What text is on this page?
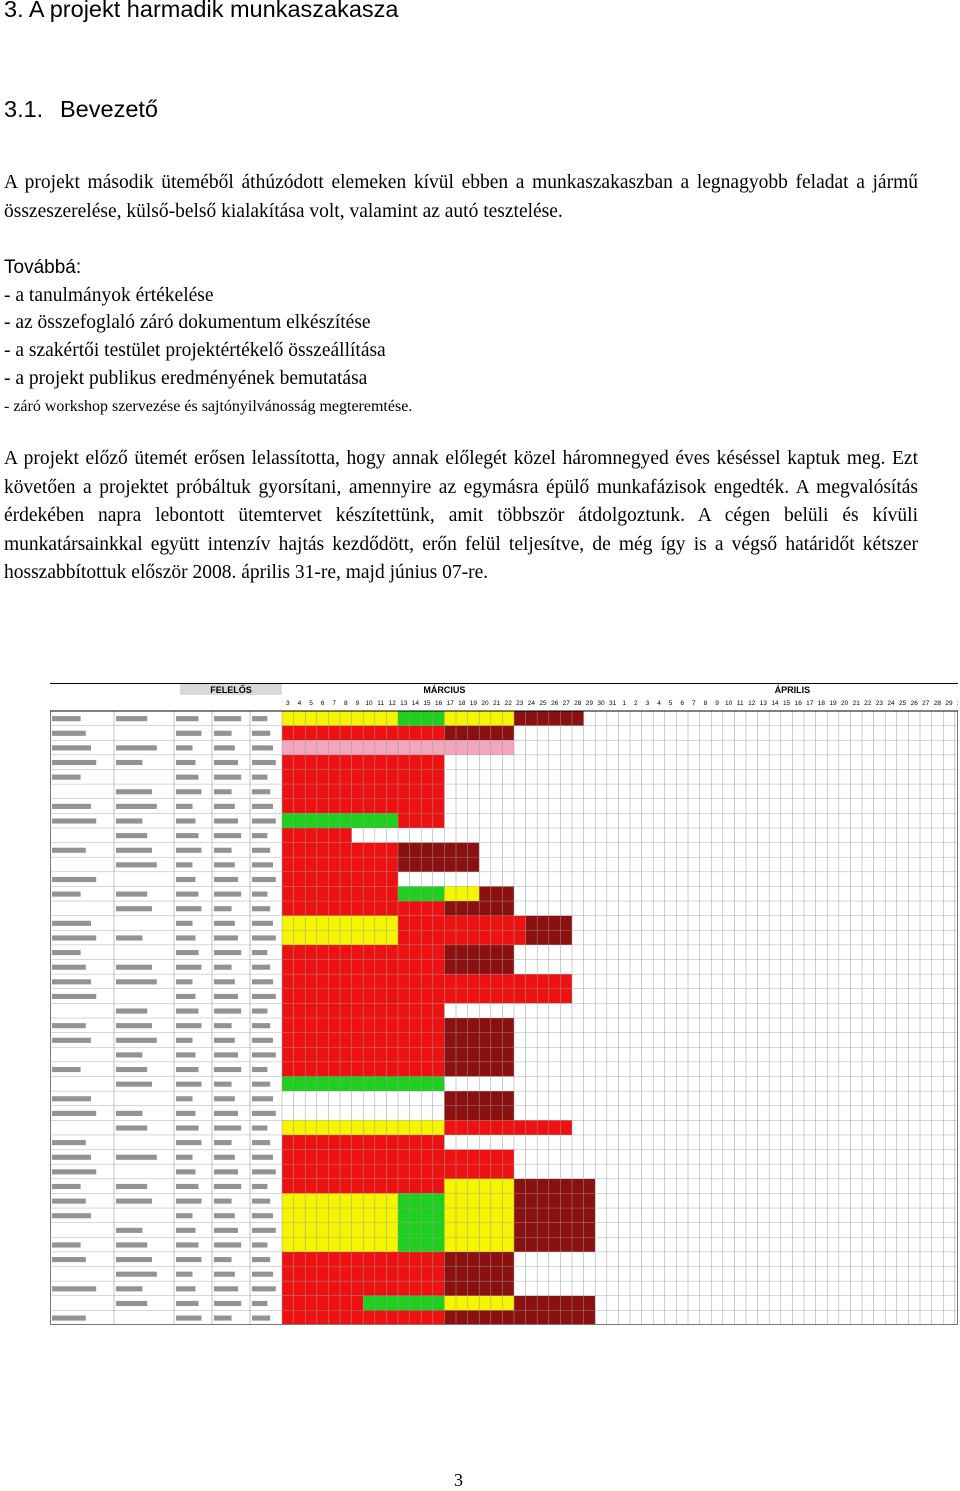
3. A projekt harmadik munkaszakasza
3.1. Bevezető
A projekt második üteméből áthúzódott elemeken kívül ebben a munkaszakaszban a legnagyobb feladat a jármű összeszerelése, külső-belső kialakítása volt, valamint az autó tesztelése.
Továbbá:
- a tanulmányok értékelése
- az összefoglaló záró dokumentum elkészítése
- a szakértői testület projektértékelő összeállítása
- a projekt publikus eredményének bemutatása
- záró workshop szervezése és sajtónyilvánosság megteremtése.
A projekt előző ütemét erősen lelassította, hogy annak előlegét közel háromnegyed éves késéssel kaptuk meg. Ezt követően a projektet próbáltuk gyorsítani, amennyire az egymásra épülő munkafázisok engedték. A megvalósítás érdekében napra lebontott ütemtervet készítettünk, amit többször átdolgoztunk. A cégen belüli és kívüli munkatársainkkal együtt intenzív hajtás kezdődött, erőn felül teljesítve, de még így is a végső határidőt kétszer hosszabbítottuk először 2008. április 31-re, majd június 07-re.
FELELŐS	MÁRCIUS	ÁPRILIS
3 4 5 6 7 8 9 10 11 12 13 14 15 16 17 18 19 20 21 22 23 24 25 26 27 28 29 30 31 1 2 3 4 5 6 7 8 9 10 11 12 13 14 15 16 17 18 19 20 21 22 23 24 25 26 27 28 29
3
